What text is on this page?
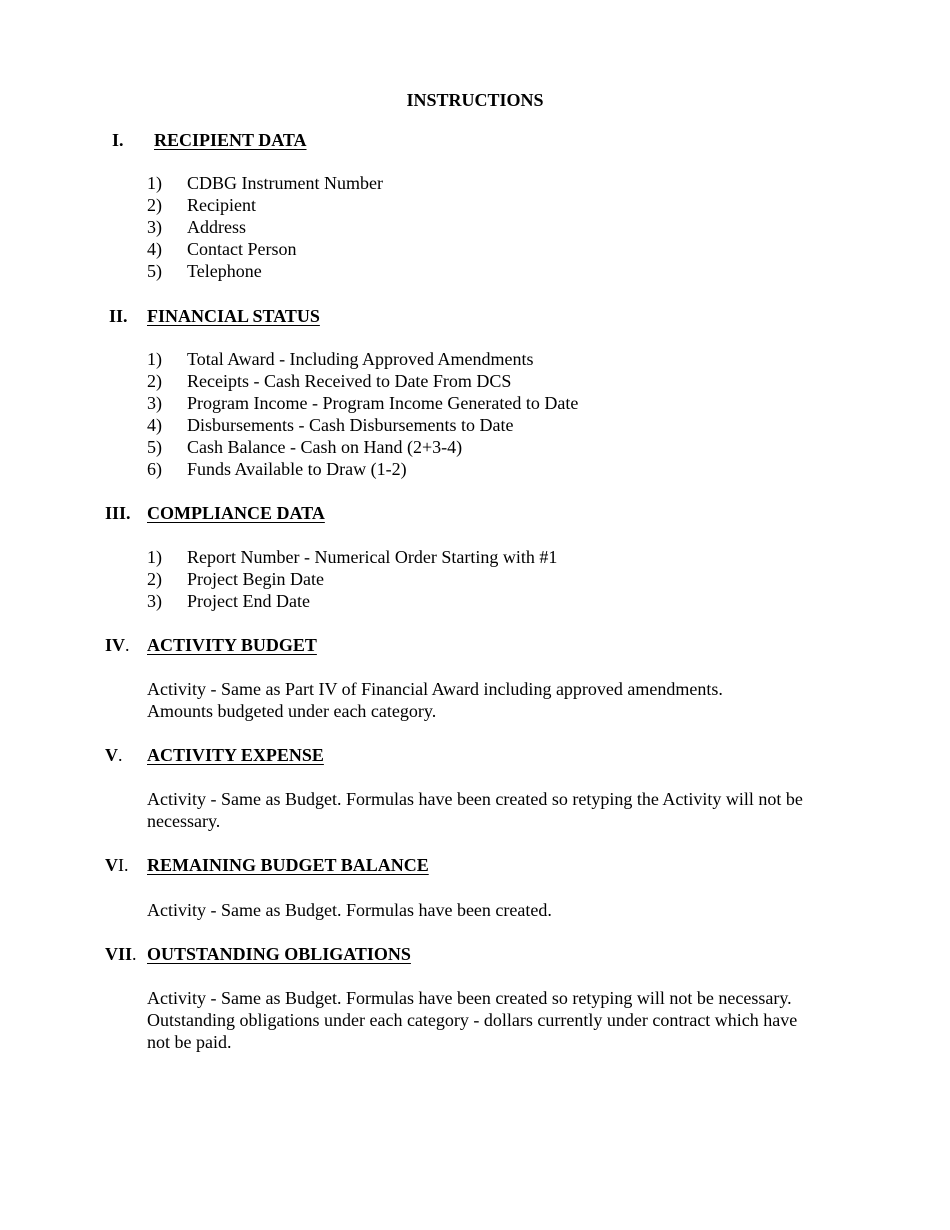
INSTRUCTIONS
I. RECIPIENT DATA
1) CDBG Instrument Number
2) Recipient
3) Address
4) Contact Person
5) Telephone
II. FINANCIAL STATUS
1) Total Award - Including Approved Amendments
2) Receipts - Cash Received to Date From DCS
3) Program Income - Program Income Generated to Date
4) Disbursements - Cash Disbursements to Date
5) Cash Balance - Cash on Hand (2+3-4)
6) Funds Available to Draw (1-2)
III. COMPLIANCE DATA
1) Report Number - Numerical Order Starting with #1
2) Project Begin Date
3) Project End Date
IV. ACTIVITY BUDGET
Activity - Same as Part IV of Financial Award including approved amendments.
Amounts budgeted under each category.
V. ACTIVITY EXPENSE
Activity - Same as Budget. Formulas have been created so retyping the Activity will not be
necessary.
VI. REMAINING BUDGET BALANCE
Activity - Same as Budget. Formulas have been created.
VII. OUTSTANDING OBLIGATIONS
Activity - Same as Budget. Formulas have been created so retyping will not be necessary.
Outstanding obligations under each category - dollars currently under contract which have
not be paid.
